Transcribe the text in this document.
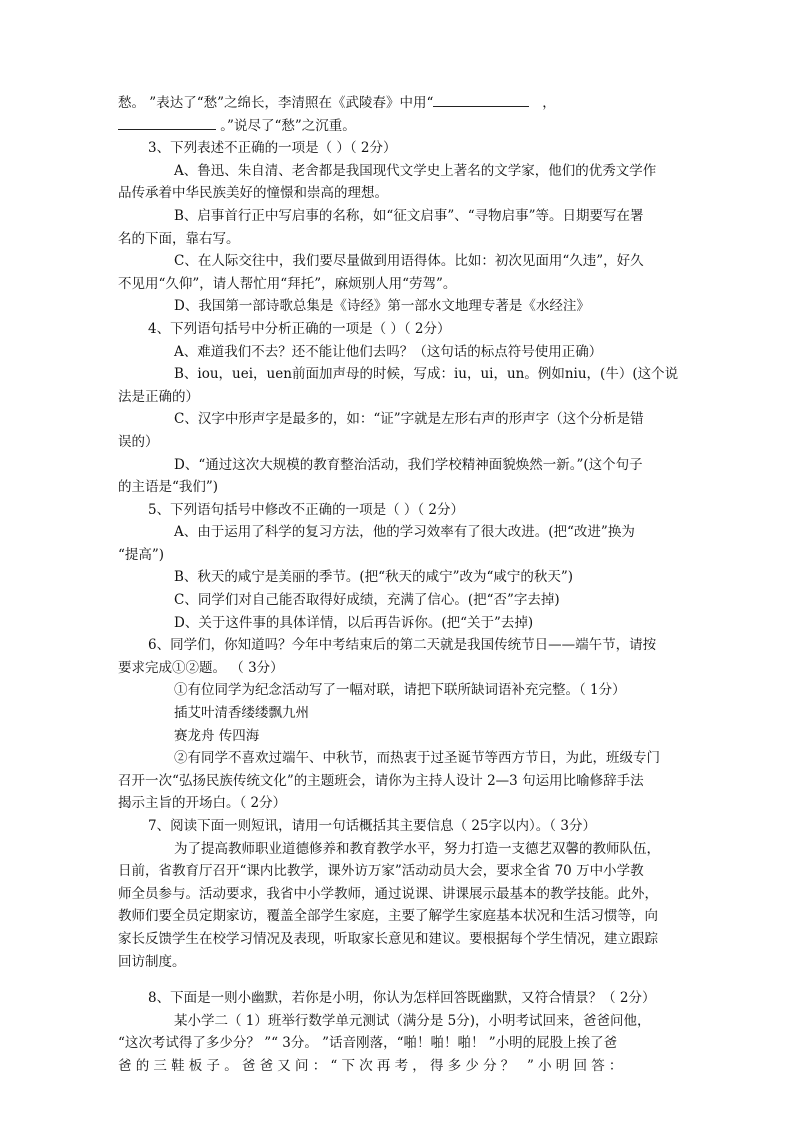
愁。 ”表达了“愁”之绵长，李清照在《武陵春》中用“	，
。”说尽了“愁”之沉重。
3、下列表述不正确的一项是（ ）（ 2分）
A、鲁迅、朱自清、老舍都是我国现代文学史上著名的文学家，他们的优秀文学作
品传承着中华民族美好的憧憬和崇高的理想。
B、启事首行正中写启事的名称，如“征文启事”、“寻物启事”等。日期要写在署
名的下面，靠右写。
C、在人际交往中，我们要尽量做到用语得体。比如：初次见面用“久违”，好久
不见用“久仰”，请人帮忙用“拜托”，麻烦别人用“劳驾”。
D、我国第一部诗歌总集是《诗经》第一部水文地理专著是《水经注》
4、下列语句括号中分析正确的一项是（ ）（ 2分）
A、难道我们不去？还不能让他们去吗？（这句话的标点符号使用正确）
B、iou，uei，uen前面加声母的时候，写成：iu，ui，un。例如niu，(牛）(这个说
法是正确的）
C、汉字中形声字是最多的，如：“证”字就是左形右声的形声字（这个分析是错
误的）
D、“通过这次大规模的教育整治活动，我们学校精神面貌焕然一新。”(这个句子
的主语是“我们”)
5、下列语句括号中修改不正确的一项是（ ）（ 2分）
A、由于运用了科学的复习方法，他的学习效率有了很大改进。(把“改进”换为
“提高”)
B、秋天的咸宁是美丽的季节。(把“秋天的咸宁”改为“咸宁的秋天”)
C、同学们对自己能否取得好成绩，充满了信心。(把“否”字去掉)
D、关于这件事的具体详情，以后再告诉你。(把“关于”去掉)
6、同学们，你知道吗？今年中考结束后的第二天就是我国传统节日——端午节，请按
要求完成①②题。 （ 3分）
①有位同学为纪念活动写了一幅对联，请把下联所缺词语补充完整。（ 1分）
插艾叶清香缕缕飘九州
赛龙舟 传四海
②有同学不喜欢过端午、中秋节，而热衷于过圣诞节等西方节日，为此，班级专门
召开一次“弘扬民族传统文化”的主题班会，请你为主持人设计 2—3 句运用比喻修辞手法
揭示主旨的开场白。（ 2分）
7、阅读下面一则短讯，请用一句话概括其主要信息（ 25字以内）。（ 3分）
为了提高教师职业道德修养和教育教学水平，努力打造一支德艺双馨的教师队伍，
日前，省教育厅召开“课内比教学，课外访万家”活动动员大会，要求全省 70 万中小学教
师全员参与。活动要求，我省中小学教师，通过说课、讲课展示最基本的教学技能。此外，
教师们要全员定期家访，覆盖全部学生家庭，主要了解学生家庭基本状况和生活习惯等，向
家长反馈学生在校学习情况及表现，听取家长意见和建议。要根据每个学生情况，建立跟踪
回访制度。
8、下面是一则小幽默，若你是小明，你认为怎样回答既幽默，又符合情景？（ 2分）
某小学二（ 1）班举行数学单元测试（满分是 5分)，小明考试回来，爸爸问他，
“这次考试得了多少分？ ”“ 3分。 ”话音刚落，“啪！啪！啪！ ”小明的屁股上挨了爸
爸的三鞋板子。爸爸又问：“下次再考，得多少分？ ”小明回答：
